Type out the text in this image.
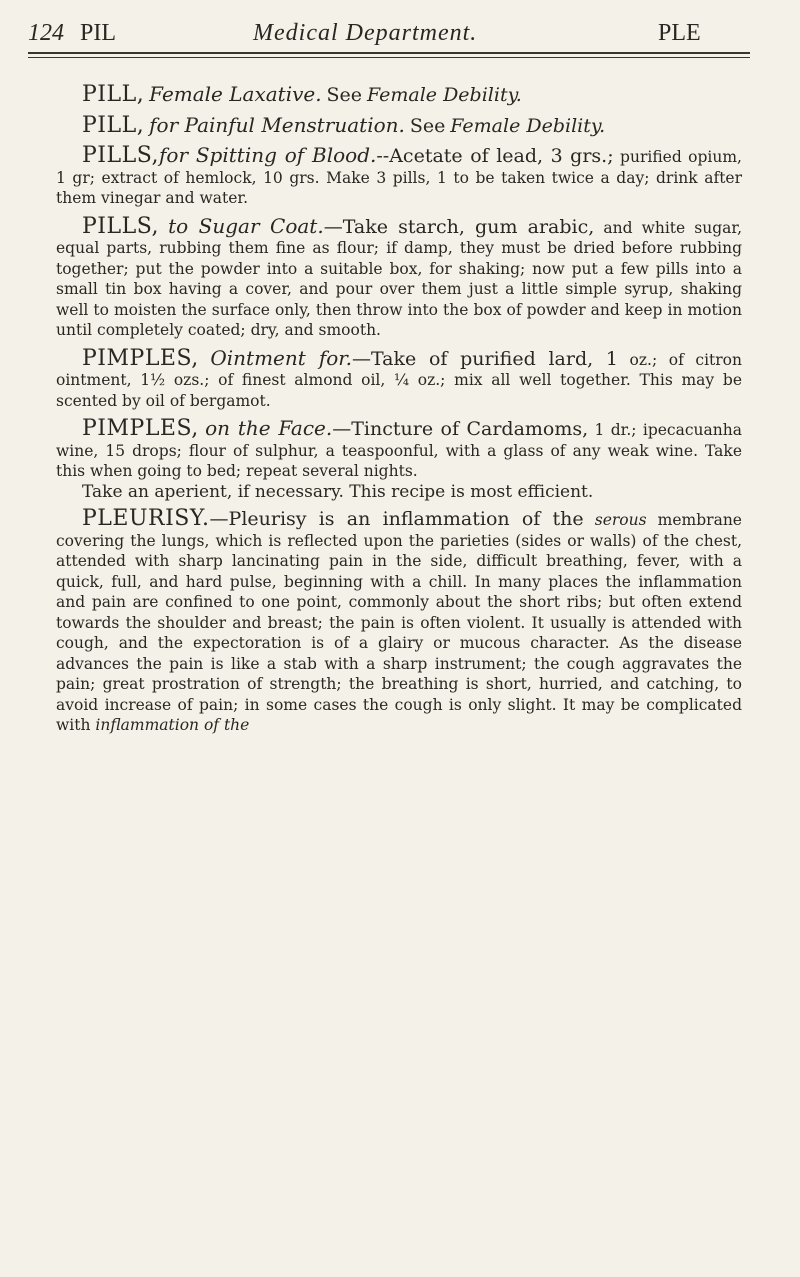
124 PIL	Medical Department.	PLE

PILL, Female Laxative. See Female Debility.

PILL, for Painful Menstruation. See Female Debility.

PILLS,for Spitting of Blood.--Acetate of lead, 3 grs.; purified opium, 1 gr; extract of hemlock, 10 grs. Make 3 pills, 1 to be taken twice a day; drink after them vinegar and water.

PILLS, to Sugar Coat.—Take starch, gum arabic, and white sugar, equal parts, rubbing them fine as flour; if damp, they must be dried before rubbing together; put the powder into a suitable box, for shaking; now put a few pills into a small tin box having a cover, and pour over them just a little simple syrup, shaking well to moisten the surface only, then throw into the box of powder and keep in motion until completely coated; dry, and smooth.

PIMPLES, Ointment for.—Take of purified lard, 1 oz.; of citron ointment, 1½ ozs.; of finest almond oil, ¼ oz.; mix all well together. This may be scented by oil of bergamot.

PIMPLES, on the Face.—Tincture of Cardamoms, 1 dr.; ipecacuanha wine, 15 drops; flour of sulphur, a teaspoonful, with a glass of any weak wine. Take this when going to bed; repeat several nights.

Take an aperient, if necessary. This recipe is most efficient.

PLEURISY.—Pleurisy is an inflammation of the serous membrane covering the lungs, which is reflected upon the parieties (sides or walls) of the chest, attended with sharp lancinating pain in the side, difficult breathing, fever, with a quick, full, and hard pulse, beginning with a chill. In many places the inflammation and pain are confined to one point, commonly about the short ribs; but often extend towards the shoulder and breast; the pain is often violent. It usually is attended with cough, and the expectoration is of a glairy or mucous character. As the disease advances the pain is like a stab with a sharp instrument; the cough aggravates the pain; great prostration of strength; the breathing is short, hurried, and catching, to avoid increase of pain; in some cases the cough is only slight. It may be complicated with inflammation of the
